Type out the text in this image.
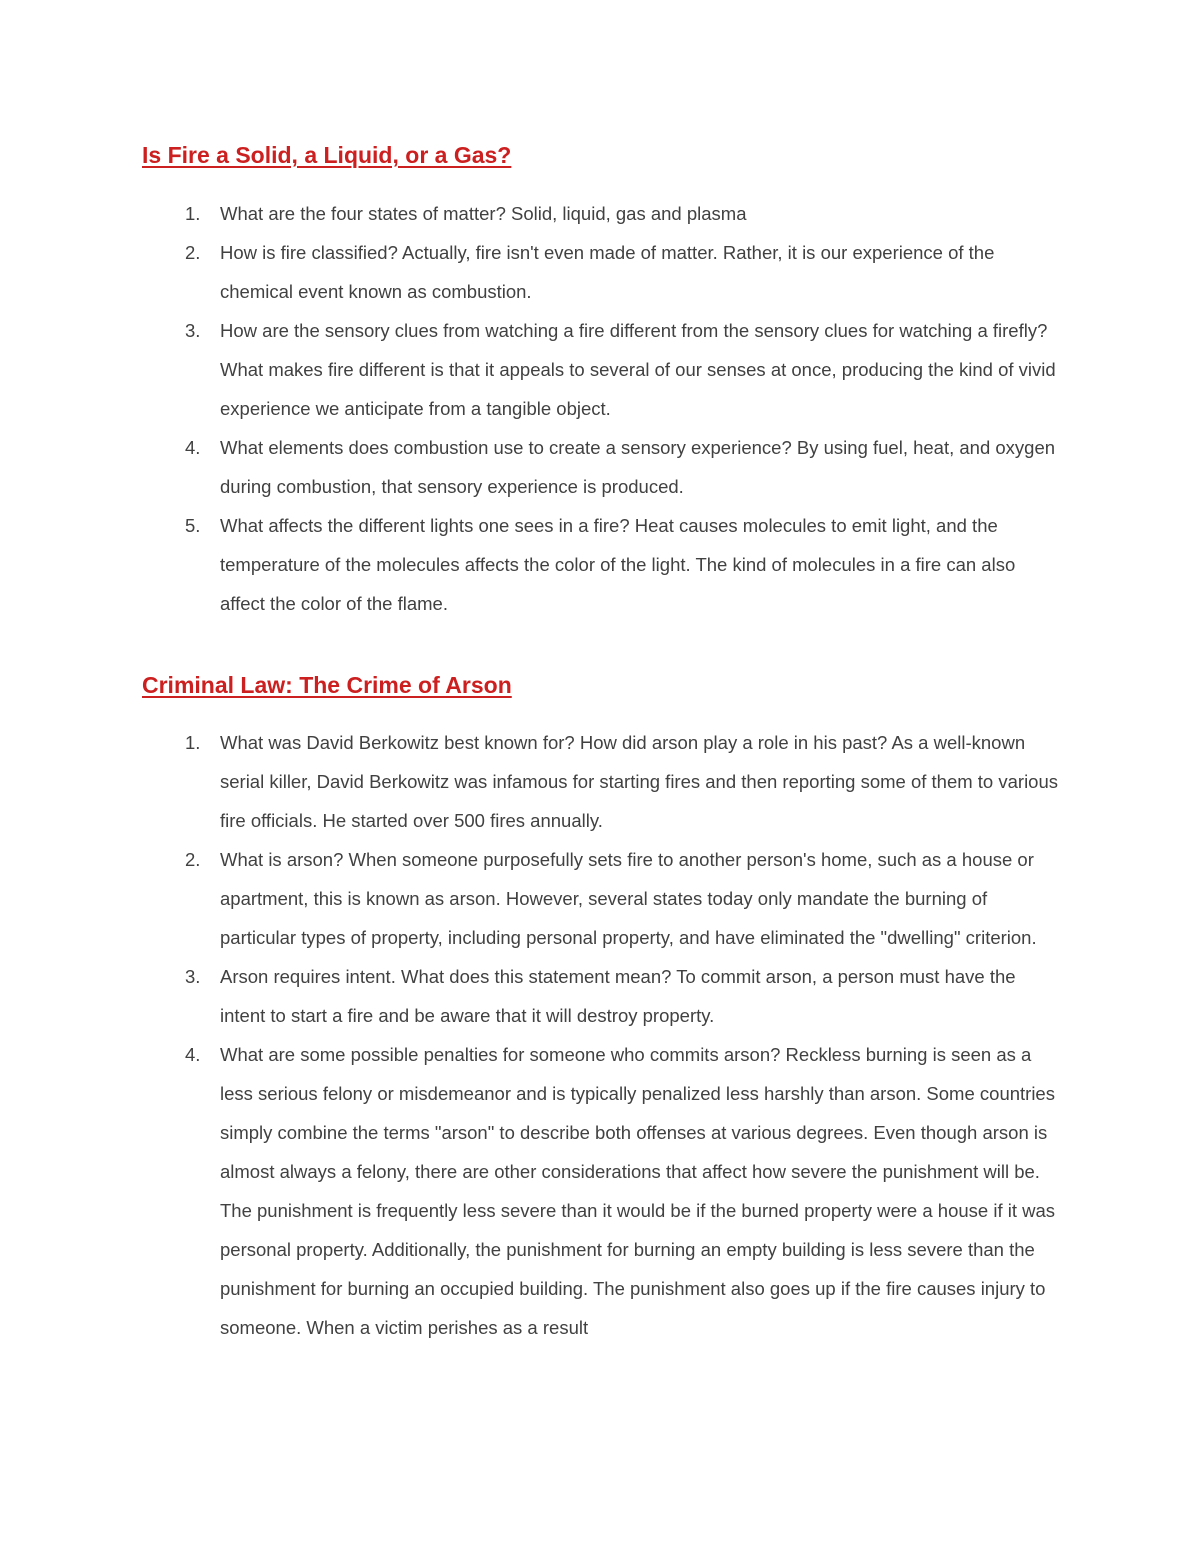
Is Fire a Solid, a Liquid, or a Gas?
1.	What are the four states of matter? Solid, liquid, gas and plasma
2.	How is fire classified? Actually, fire isn't even made of matter. Rather, it is our experience of the chemical event known as combustion.
3.	How are the sensory clues from watching a fire different from the sensory clues for watching a firefly? What makes fire different is that it appeals to several of our senses at once, producing the kind of vivid experience we anticipate from a tangible object.
4.	What elements does combustion use to create a sensory experience? By using fuel, heat, and oxygen during combustion, that sensory experience is produced.
5.	What affects the different lights one sees in a fire? Heat causes molecules to emit light, and the temperature of the molecules affects the color of the light. The kind of molecules in a fire can also affect the color of the flame.
Criminal Law: The Crime of Arson
1.	What was David Berkowitz best known for? How did arson play a role in his past? As a well-known serial killer, David Berkowitz was infamous for starting fires and then reporting some of them to various fire officials. He started over 500 fires annually.
2.	What is arson? When someone purposefully sets fire to another person's home, such as a house or apartment, this is known as arson. However, several states today only mandate the burning of particular types of property, including personal property, and have eliminated the "dwelling" criterion.
3.	Arson requires intent. What does this statement mean? To commit arson, a person must have the intent to start a fire and be aware that it will destroy property.
4.	What are some possible penalties for someone who commits arson? Reckless burning is seen as a less serious felony or misdemeanor and is typically penalized less harshly than arson. Some countries simply combine the terms "arson" to describe both offenses at various degrees. Even though arson is almost always a felony, there are other considerations that affect how severe the punishment will be. The punishment is frequently less severe than it would be if the burned property were a house if it was personal property. Additionally, the punishment for burning an empty building is less severe than the punishment for burning an occupied building. The punishment also goes up if the fire causes injury to someone. When a victim perishes as a result
